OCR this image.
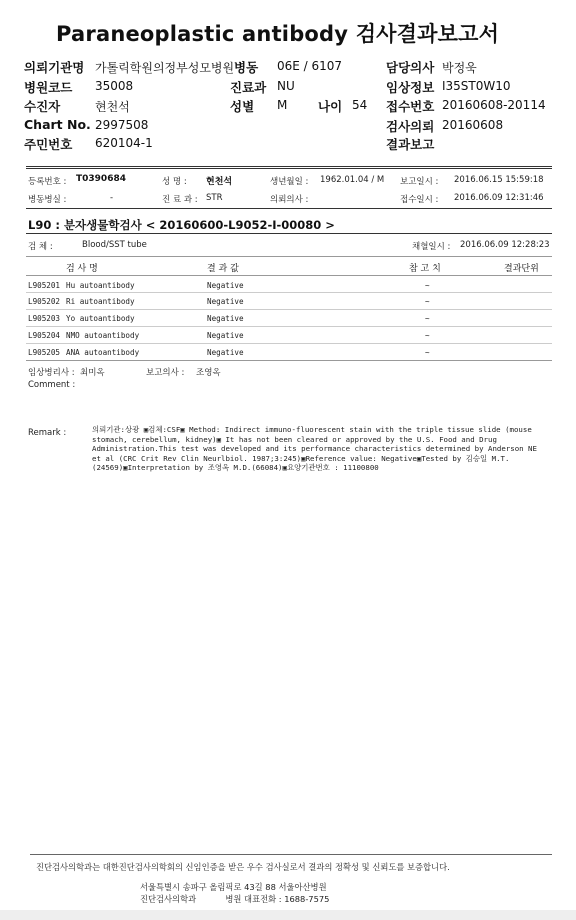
Paraneoplastic antibody 검사결과보고서
의뢰기관명 가톨릭학원의정부성모병원 병동 06E / 6107	담당의사 박정욱
병원코드 35008	진료과 NU	임상정보 I35ST0W10
수진자	현천석	성별 M 나이 54 접수번호 20160608-20114
Chart No. 2997508	검사의뢰 20160608
주민번호 620104-1	결과보고
등록번호 : T0390684	성 명 : 현천석	생년월일 : 1962.01.04 / M 보고일시 : 2016.06.15 15:59:18
병동병실 :	-	진 료 과 : STR	의뢰의사 :	접수일시 : 2016.06.09 12:31:46
L90 : 분자생물학검사 < 20160600-L9052-I-00080 >
검 체 :	Blood/SST tube	채혈일시 : 2016.06.09 12:28:23
검 사 명	결 과 값	참 고 치	결과단위
L905201 Hu autoantibody	Negative	~
L905202 Ri autoantibody	Negative	~
L905203 Yo autoantibody	Negative	~
L905204 NMO autoantibody	Negative	~
L905205 ANA autoantibody	Negative	~
임상병리사 : 최미옥	보고의사 : 조영옥
Comment :
Remark :	의뢰기관:상광 ▣검체:CSF▣ Method: Indirect immuno-fluorescent stain with the triple tissue slide (mouse stomach, cerebellum, kidney)▣ It has not been cleared or approved by the U.S. Food and Drug Administration.This test was developed and its performance characteristics determined by Anderson NE et al (CRC Crit Rev Clin Neurlbiol. 1987;3:245)▣Reference value: Negative▣Tested by 김승일 M.T.(24569)▣Interpretation by 조영옥 M.D.(66084)▣요양기관번호 : 11100800
진단검사의학과는 대한진단검사의학회의 신임인증을 받은 우수 검사실로서 결과의 정확성 및 신뢰도를 보증합니다.
서울특별시 송파구 올림픽로 43길 88 서울아산병원
진단검사의학과	병원 대표전화 : 1688-7575
